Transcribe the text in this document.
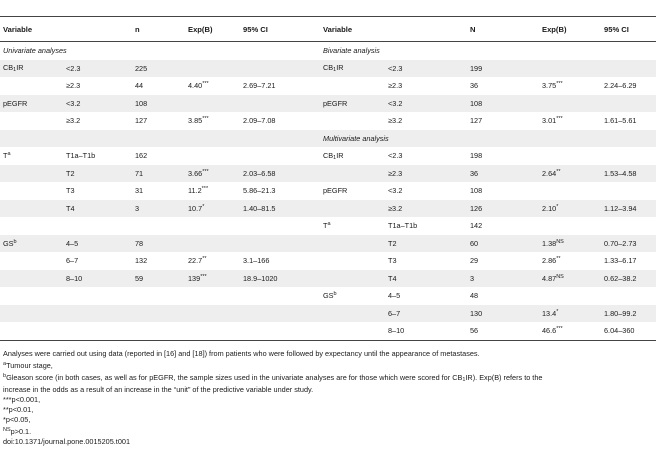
Variable		n	Exp(B)	95% CI	Variable		N	Exp(B)	95% CI
Univariate analyses					Bivariate analysis				
$CB_1IR$	<2.3	225			$CB_1IR$	<2.3	199		
	≥2.3	44	4.40***	2.69–7.21		≥2.3	36	3.75***	2.24–6.29
pEGFR	<3.2	108			pEGFR	<3.2	108		
	≥3.2	127	3.85***	2.09–7.08		≥3.2	127	3.01***	1.61–5.61
					Multivariate analysis				
$T^a$	T1a–T1b	162			$CB_1IR$	<2.3	198		
	T2	71	3.66***	2.03–6.58		≥2.3	36	2.64**	1.53–4.58
	T3	31	11.2***	5.86–21.3	pEGFR	<3.2	108		
	T4	3	10.7*	1.40–81.5		≥3.2	126	2.10*	1.12–3.94
					$T^a$	T1a–T1b	142		
$GS^b$	4–5	78				T2	60	$1.38^{NS}$	0.70–2.73
	6–7	132	22.7**	3.1–166		T3	29	2.86**	1.33–6.17
	8–10	59	139***	18.9–1020		T4	3	$4.87^{NS}$	0.62–38.2
					$GS^b$	4–5	48		
						6–7	130	13.4*	1.80–99.2
						8–10	56	46.6***	6.04–360
Analyses were carried out using data (reported in [16] and [18]) from patients who were followed by expectancy until the appearance of metastases.
$^a$Tumour stage,
$^b$Gleason score (in both cases, as well as for pEGFR, the sample sizes used in the univariate analyses are for those which were scored for $CB_1IR$). Exp(B) refers to the
increase in the odds as a result of an increase in the “unit” of the predictive variable under study.
***p<0.001,
**p<0.01,
*p<0.05,
$^{NS}$p>0.1.
doi:10.1371/journal.pone.0015205.t001
